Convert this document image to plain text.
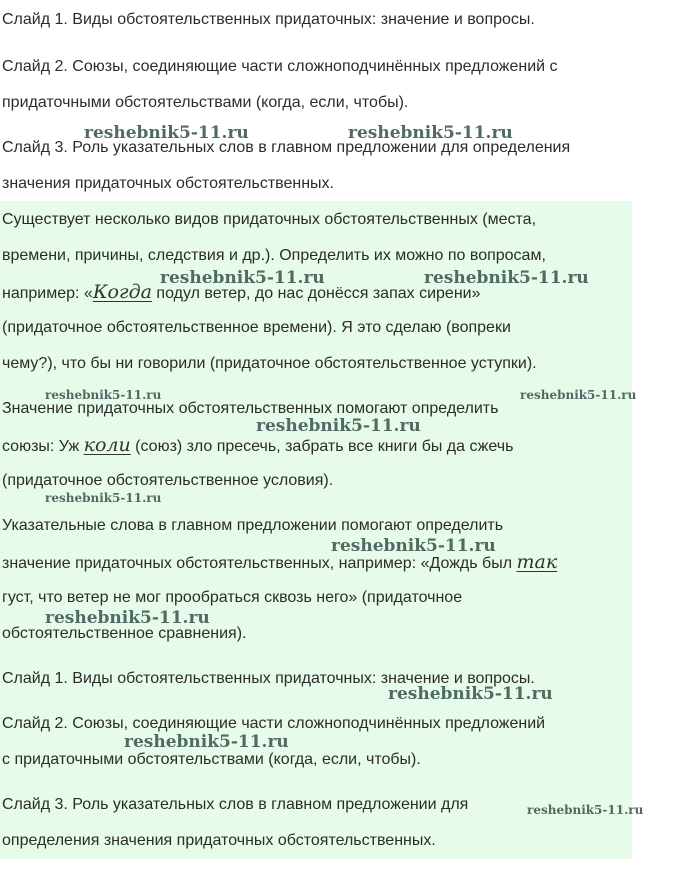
Слайд 1. Виды обстоятельственных придаточных: значение и вопросы.
Слайд 2. Союзы, соединяющие части сложноподчинённых предложений с
придаточными обстоятельствами (когда, если, чтобы).
Слайд 3. Роль указательных слов в главном предложении для определения
значения придаточных обстоятельственных.
Существует несколько видов придаточных обстоятельственных (места,
времени, причины, следствия и др.). Определить их можно по вопросам,
например: «Когда подул ветер, до нас донёсся запах сирени»
(придаточное обстоятельственное времени). Я это сделаю (вопреки
чему?), что бы ни говорили (придаточное обстоятельственное уступки).
Значение придаточных обстоятельственных помогают определить
союзы: Уж коли (союз) зло пресечь, забрать все книги бы да сжечь
(придаточное обстоятельственное условия).
Указательные слова в главном предложении помогают определить
значение придаточных обстоятельственных, например: «Дождь был так
густ, что ветер не мог прообраться сквозь него» (придаточное
обстоятельственное сравнения).
Слайд 1. Виды обстоятельственных придаточных: значение и вопросы.
Слайд 2. Союзы, соединяющие части сложноподчинённых предложений
с придаточными обстоятельствами (когда, если, чтобы).
Слайд 3. Роль указательных слов в главном предложении для
определения значения придаточных обстоятельственных.
reshebnik5-11.ru	reshebnik5-11.ru
reshebnik5-11.ru	reshebnik5-11.ru
reshebnik5-11.ru	reshebnik5-11.ru
reshebnik5-11.ru
reshebnik5-11.ru
reshebnik5-11.ru
reshebnik5-11.ru
reshebnik5-11.ru
reshebnik5-11.ru
reshebnik5-11.ru
